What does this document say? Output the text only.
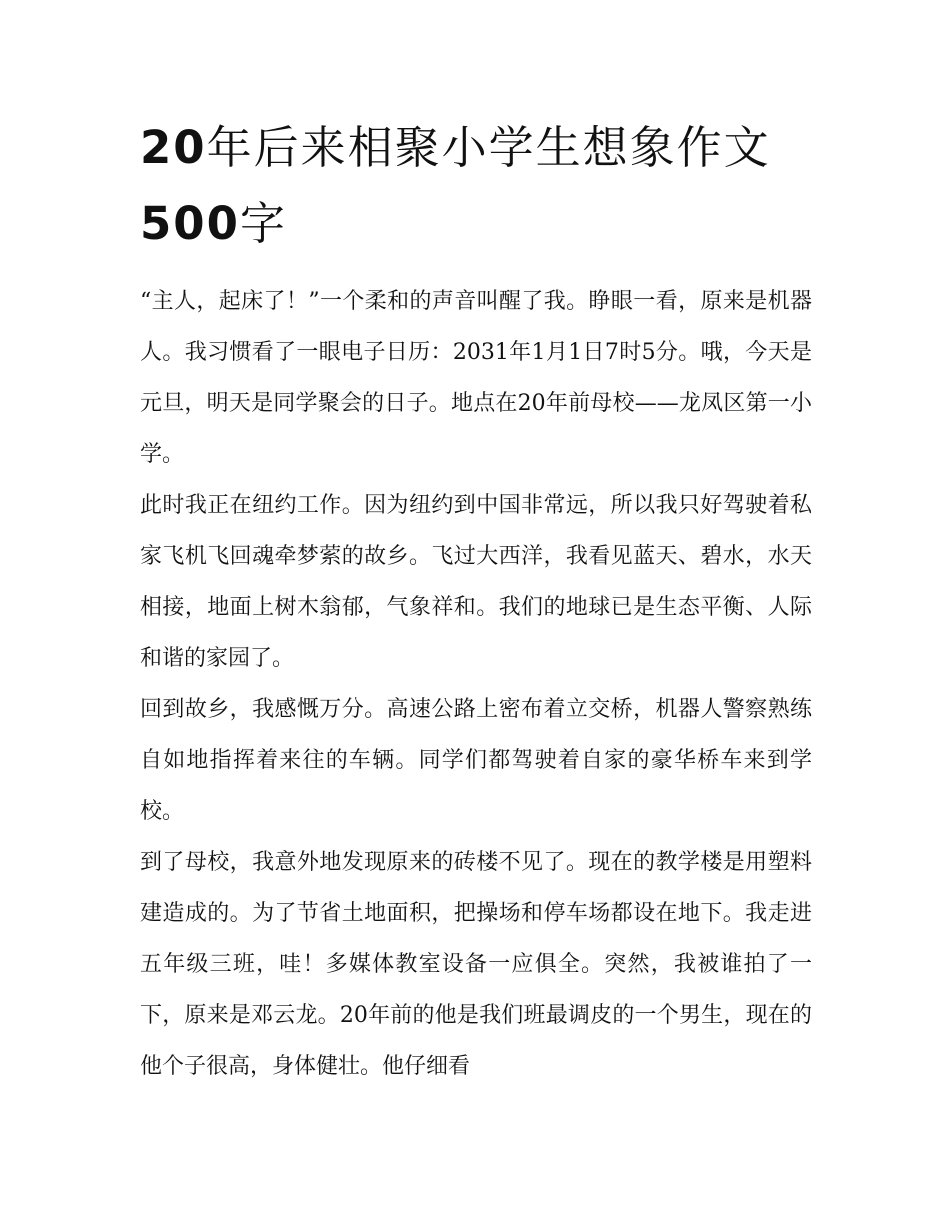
20年后来相聚小学生想象作文500字

“主人，起床了！”一个柔和的声音叫醒了我。睁眼一看，原来是机器人。我习惯看了一眼电子日历：2031年1月1日7时5分。哦，今天是元旦，明天是同学聚会的日子。地点在20年前母校——龙凤区第一小学。

此时我正在纽约工作。因为纽约到中国非常远，所以我只好驾驶着私家飞机飞回魂牵梦萦的故乡。飞过大西洋，我看见蓝天、碧水，水天相接，地面上树木翁郁，气象祥和。我们的地球已是生态平衡、人际和谐的家园了。

回到故乡，我感慨万分。高速公路上密布着立交桥，机器人警察熟练自如地指挥着来往的车辆。同学们都驾驶着自家的豪华桥车来到学校。

到了母校，我意外地发现原来的砖楼不见了。现在的教学楼是用塑料建造成的。为了节省土地面积，把操场和停车场都设在地下。我走进五年级三班，哇！多媒体教室设备一应俱全。突然，我被谁拍了一下，原来是邓云龙。20年前的他是我们班最调皮的一个男生，现在的他个子很高，身体健壮。他仔细看
